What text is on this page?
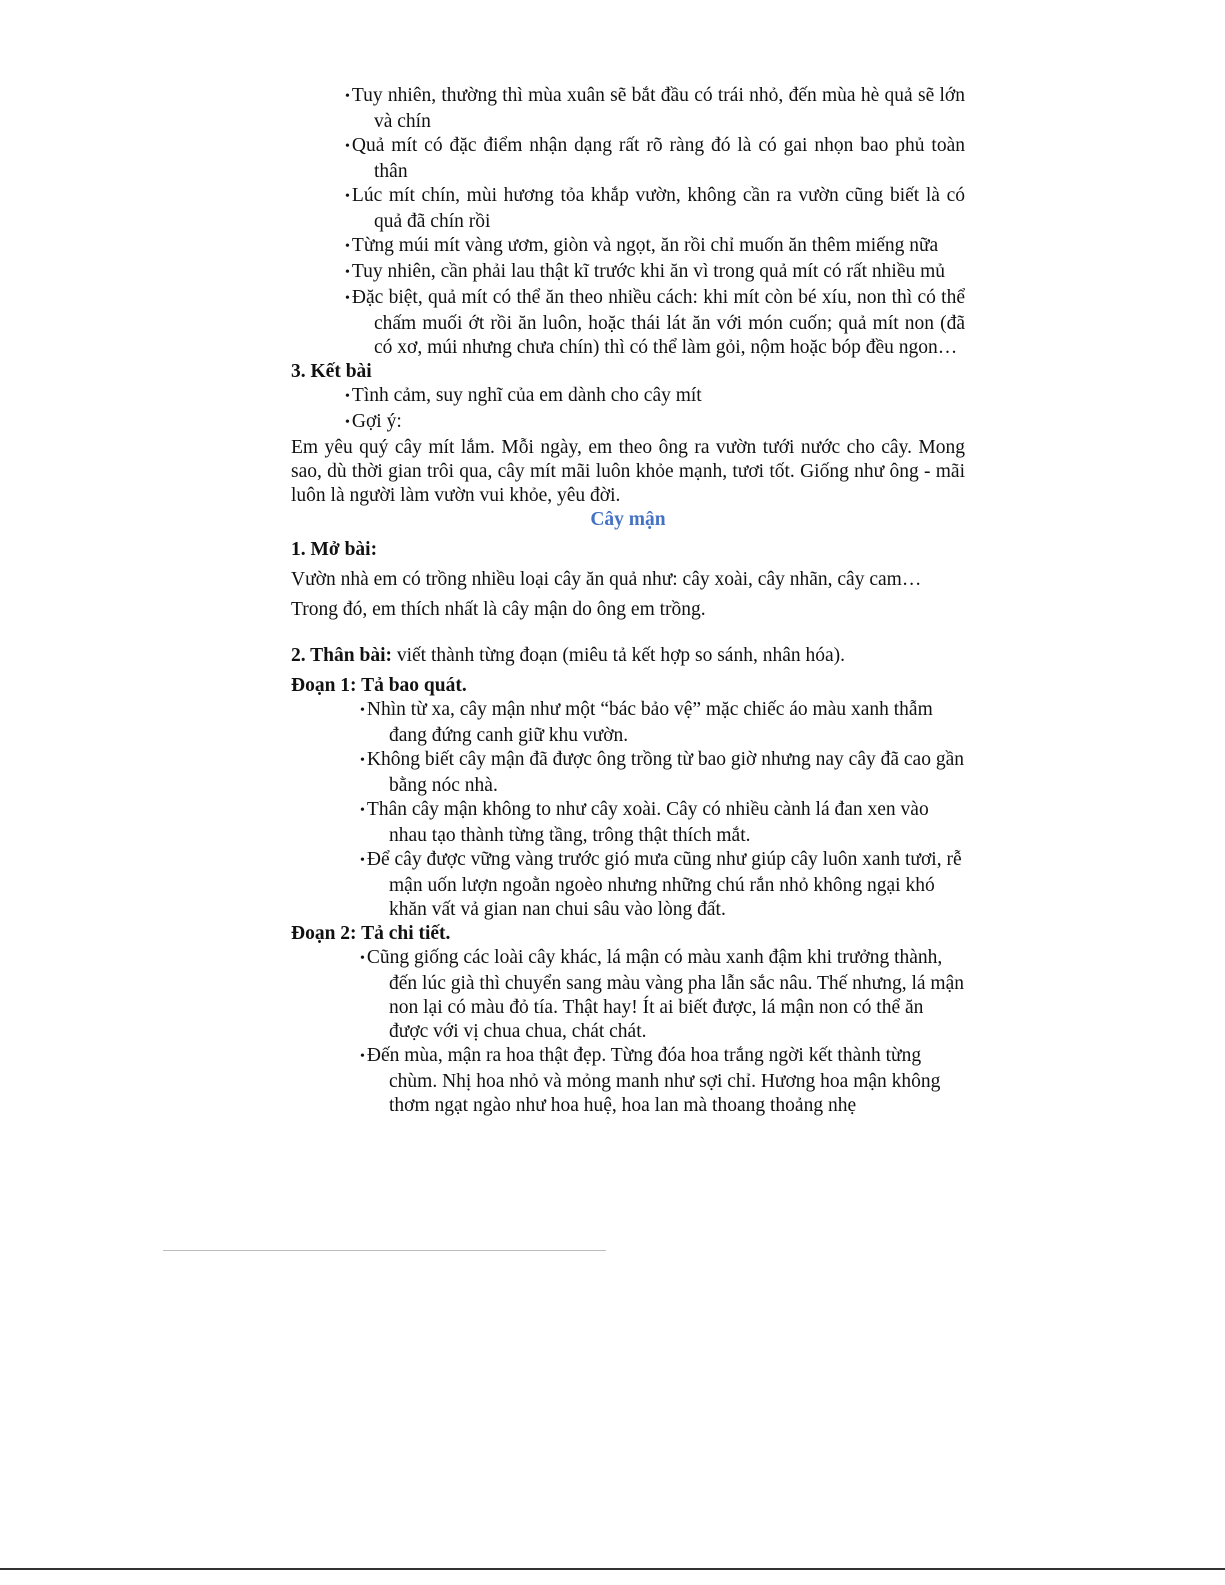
• Tuy nhiên, thường thì mùa xuân sẽ bắt đầu có trái nhỏ, đến mùa hè quả sẽ lớn và chín
• Quả mít có đặc điểm nhận dạng rất rõ ràng đó là có gai nhọn bao phủ toàn thân
• Lúc mít chín, mùi hương tỏa khắp vườn, không cần ra vườn cũng biết là có quả đã chín rồi
• Từng múi mít vàng ươm, giòn và ngọt, ăn rồi chỉ muốn ăn thêm miếng nữa
• Tuy nhiên, cần phải lau thật kĩ trước khi ăn vì trong quả mít có rất nhiều mủ
• Đặc biệt, quả mít có thể ăn theo nhiều cách: khi mít còn bé xíu, non thì có thể chấm muối ớt rồi ăn luôn, hoặc thái lát ăn với món cuốn; quả mít non (đã có xơ, múi nhưng chưa chín) thì có thể làm gỏi, nộm hoặc bóp đều ngon…
3. Kết bài
• Tình cảm, suy nghĩ của em dành cho cây mít
• Gợi ý:
Em yêu quý cây mít lắm. Mỗi ngày, em theo ông ra vườn tưới nước cho cây. Mong sao, dù thời gian trôi qua, cây mít mãi luôn khỏe mạnh, tươi tốt. Giống như ông - mãi luôn là người làm vườn vui khỏe, yêu đời.
Cây mận
1. Mở bài:
Vườn nhà em có trồng nhiều loại cây ăn quả như: cây xoài, cây nhãn, cây cam…
Trong đó, em thích nhất là cây mận do ông em trồng.
2. Thân bài: viết thành từng đoạn (miêu tả kết hợp so sánh, nhân hóa).
Đoạn 1: Tả bao quát.
• Nhìn từ xa, cây mận như một “bác bảo vệ” mặc chiếc áo màu xanh thẫm đang đứng canh giữ khu vườn.
• Không biết cây mận đã được ông trồng từ bao giờ nhưng nay cây đã cao gần bằng nóc nhà.
• Thân cây mận không to như cây xoài. Cây có nhiều cành lá đan xen vào nhau tạo thành từng tầng, trông thật thích mắt.
• Để cây được vững vàng trước gió mưa cũng như giúp cây luôn xanh tươi, rễ mận uốn lượn ngoằn ngoèo nhưng những chú rắn nhỏ không ngại khó khăn vất vả gian nan chui sâu vào lòng đất.
Đoạn 2: Tả chi tiết.
• Cũng giống các loài cây khác, lá mận có màu xanh đậm khi trưởng thành, đến lúc già thì chuyển sang màu vàng pha lẫn sắc nâu. Thế nhưng, lá mận non lại có màu đỏ tía. Thật hay! Ít ai biết được, lá mận non có thể ăn được với vị chua chua, chát chát.
• Đến mùa, mận ra hoa thật đẹp. Từng đóa hoa trắng ngời kết thành từng chùm. Nhị hoa nhỏ và mỏng manh như sợi chỉ. Hương hoa mận không thơm ngạt ngào như hoa huệ, hoa lan mà thoang thoảng nhẹ
